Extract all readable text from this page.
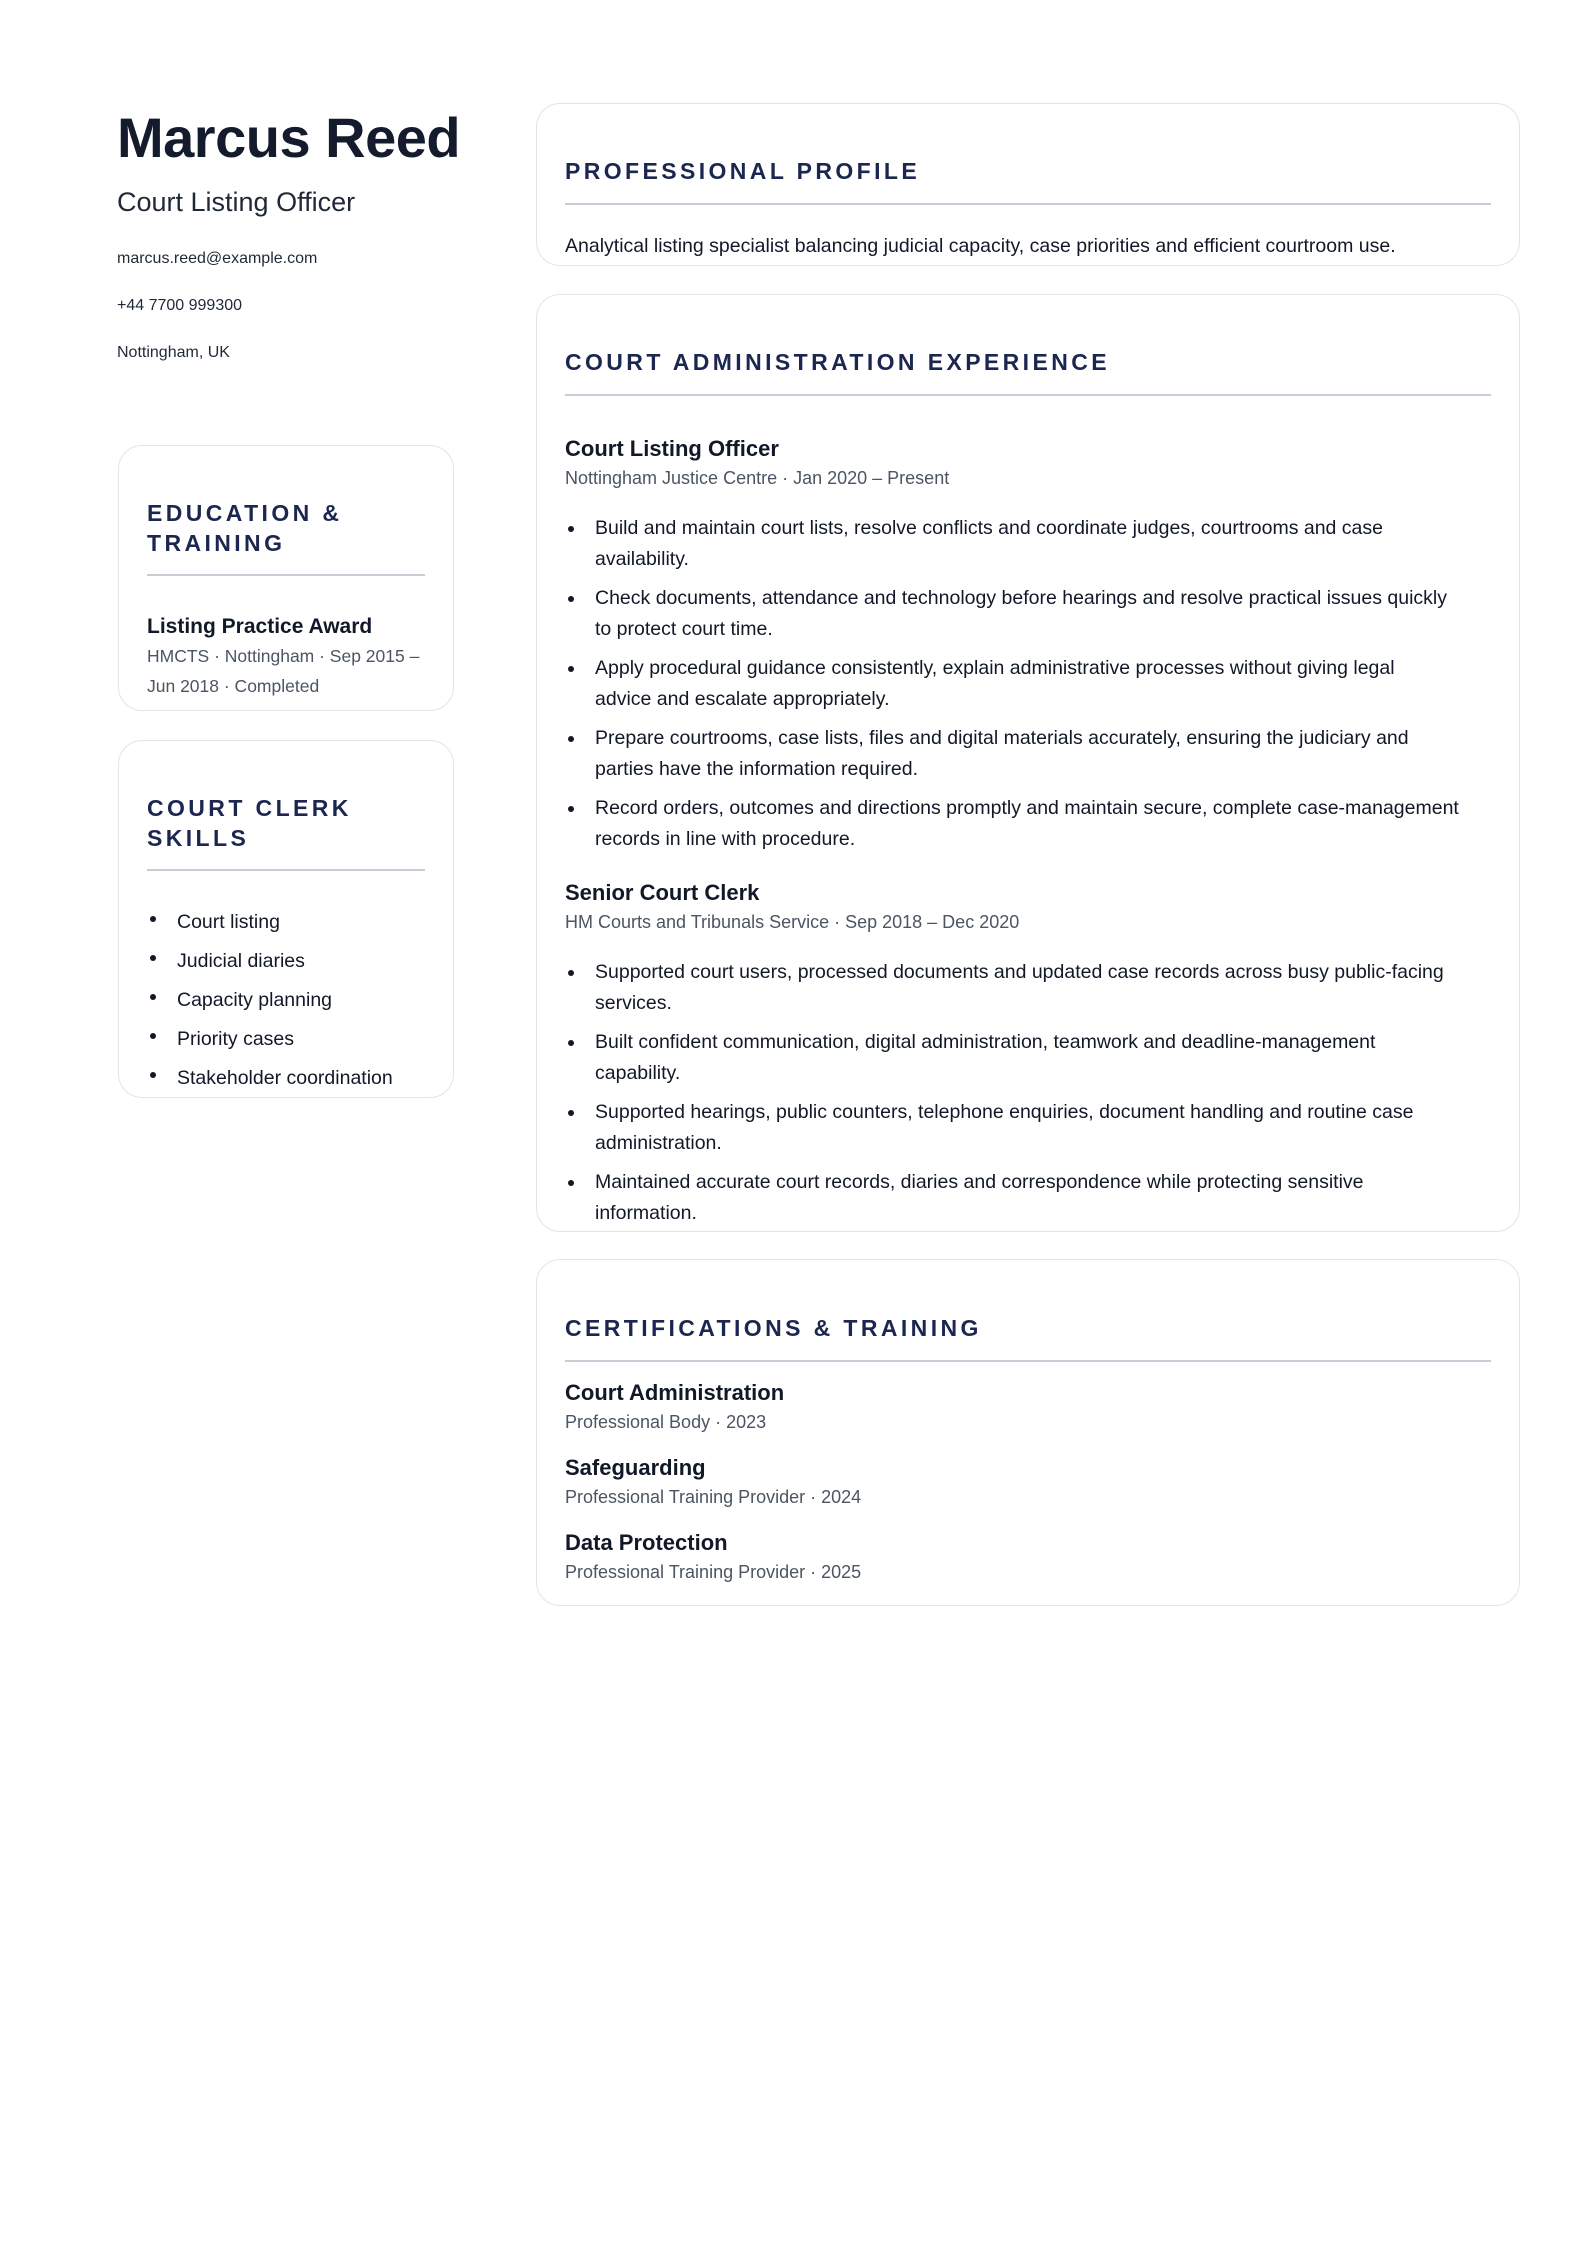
Marcus Reed
Court Listing Officer
marcus.reed@example.com
+44 7700 999300
Nottingham, UK
EDUCATION &
TRAINING
Listing Practice Award
HMCTS · Nottingham · Sep 2015 –
Jun 2018 · Completed
COURT CLERK
SKILLS
Court listing
Judicial diaries
Capacity planning
Priority cases
Stakeholder coordination
PROFESSIONAL PROFILE

Analytical listing specialist balancing judicial capacity, case priorities and efficient courtroom use.

COURT ADMINISTRATION EXPERIENCE
Court Listing Officer
Nottingham Justice Centre · Jan 2020 – Present
Build and maintain court lists, resolve conflicts and coordinate judges, courtrooms and case
availability.
Check documents, attendance and technology before hearings and resolve practical issues quickly
to protect court time.
Apply procedural guidance consistently, explain administrative processes without giving legal
advice and escalate appropriately.
Prepare courtrooms, case lists, files and digital materials accurately, ensuring the judiciary and
parties have the information required.
Record orders, outcomes and directions promptly and maintain secure, complete case-management
records in line with procedure.
Senior Court Clerk
HM Courts and Tribunals Service · Sep 2018 – Dec 2020
Supported court users, processed documents and updated case records across busy public-facing
services.
Built confident communication, digital administration, teamwork and deadline-management
capability.
Supported hearings, public counters, telephone enquiries, document handling and routine case
administration.
Maintained accurate court records, diaries and correspondence while protecting sensitive
information.
CERTIFICATIONS & TRAINING
Court Administration
Professional Body · 2023
Safeguarding
Professional Training Provider · 2024
Data Protection
Professional Training Provider · 2025
